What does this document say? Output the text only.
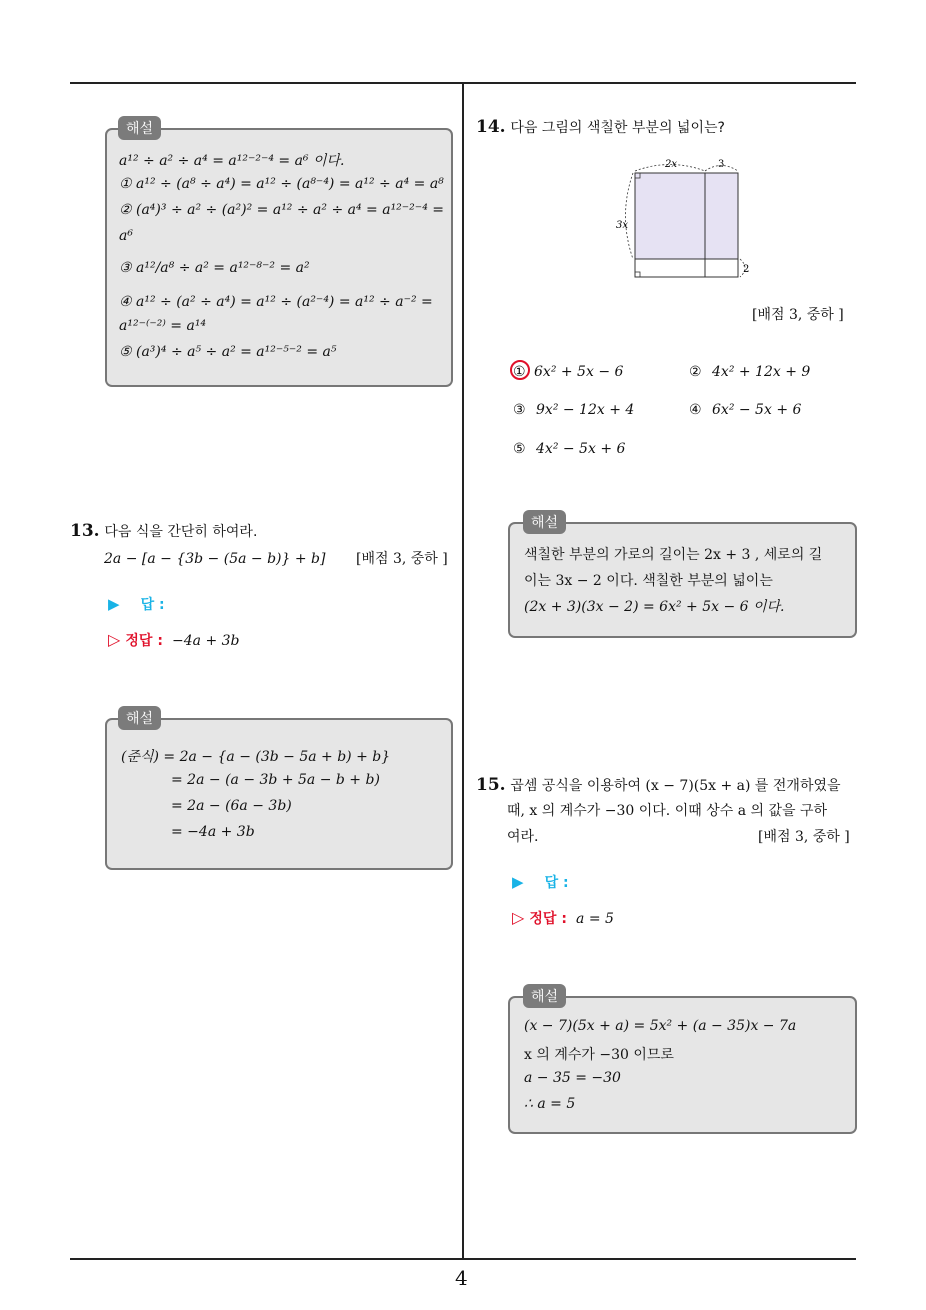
4
a¹² ÷ a² ÷ a⁴ = a¹²⁻²⁻⁴ = a⁶ 이다.
① a¹² ÷ (a⁸ ÷ a⁴) = a¹² ÷ (a⁸⁻⁴) = a¹² ÷ a⁴ = a⁸
② (a⁴)³ ÷ a² ÷ (a²)² = a¹² ÷ a² ÷ a⁴ = a¹²⁻²⁻⁴ =
a⁶
③ a¹²/a⁸ ÷ a² = a¹²⁻⁸⁻² = a²
④ a¹² ÷ (a² ÷ a⁴) = a¹² ÷ (a²⁻⁴) = a¹² ÷ a⁻² =
a¹²⁻⁽⁻²⁾ = a¹⁴
⑤ (a³)⁴ ÷ a⁵ ÷ a² = a¹²⁻⁵⁻² = a⁵
해설
13. 다음 식을 간단히 하여라.
2a − [a − {3b − (5a − b)} + b] [배점 3, 중하 ]
▶ 답 :
▷ 정답 : −4a + 3b
(준식) = 2a − {a − (3b − 5a + b) + b}
= 2a − (a − 3b + 5a − b + b)
= 2a − (6a − 3b)
= −4a + 3b
해설
14. 다음 그림의 색칠한 부분의 넓이는?
2x	3
3x
2
[배점 3, 중하 ]
① 6x² + 5x − 6	② 4x² + 12x + 9
③ 9x² − 12x + 4	④ 6x² − 5x + 6
⑤ 4x² − 5x + 6
색칠한 부분의 가로의 길이는 2x + 3 , 세로의 길
이는 3x − 2 이다. 색칠한 부분의 넓이는
(2x + 3)(3x − 2) = 6x² + 5x − 6 이다.
해설
15. 곱셈 공식을 이용하여 (x − 7)(5x + a) 를 전개하였을
때, x 의 계수가 −30 이다. 이때 상수 a 의 값을 구하
여라.	[배점 3, 중하 ]
▶ 답 :
▷ 정답 : a = 5
(x − 7)(5x + a) = 5x² + (a − 35)x − 7a
x 의 계수가 −30 이므로
a − 35 = −30
∴ a = 5
해설
